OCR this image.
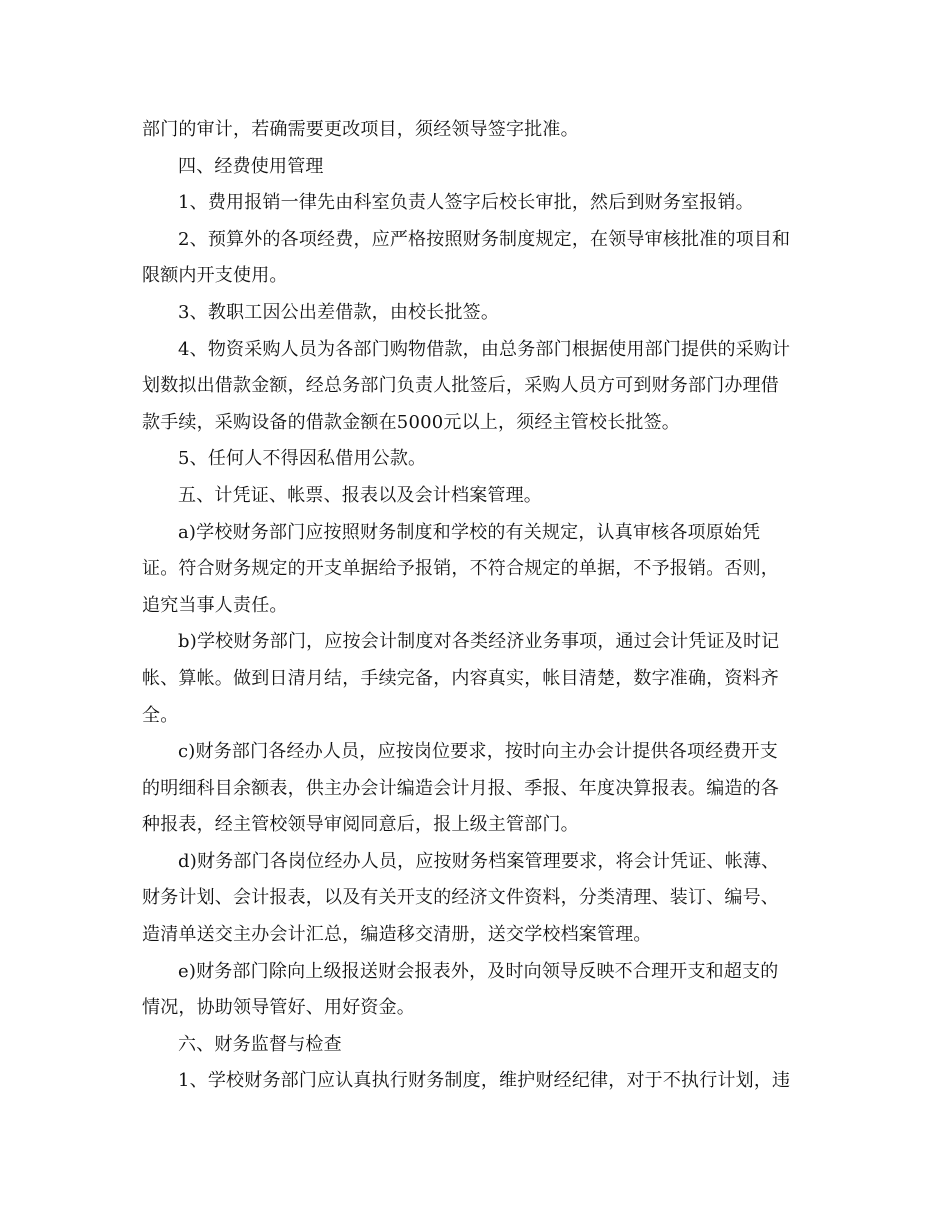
部门的审计，若确需要更改项目，须经领导签字批准。

四、经费使用管理

1、费用报销一律先由科室负责人签字后校长审批，然后到财务室报销。

2、预算外的各项经费，应严格按照财务制度规定，在领导审核批准的项目和
限额内开支使用。

3、教职工因公出差借款，由校长批签。

4、物资采购人员为各部门购物借款，由总务部门根据使用部门提供的采购计
划数拟出借款金额，经总务部门负责人批签后，采购人员方可到财务部门办理借
款手续，采购设备的借款金额在5000元以上，须经主管校长批签。

5、任何人不得因私借用公款。

五、计凭证、帐票、报表以及会计档案管理。

a)学校财务部门应按照财务制度和学校的有关规定，认真审核各项原始凭
证。符合财务规定的开支单据给予报销，不符合规定的单据，不予报销。否则，
追究当事人责任。

b)学校财务部门，应按会计制度对各类经济业务事项，通过会计凭证及时记
帐、算帐。做到日清月结，手续完备，内容真实，帐目清楚，数字准确，资料齐
全。

c)财务部门各经办人员，应按岗位要求，按时向主办会计提供各项经费开支
的明细科目余额表，供主办会计编造会计月报、季报、年度决算报表。编造的各
种报表，经主管校领导审阅同意后，报上级主管部门。

d)财务部门各岗位经办人员，应按财务档案管理要求，将会计凭证、帐薄、
财务计划、会计报表，以及有关开支的经济文件资料，分类清理、装订、编号、
造清单送交主办会计汇总，编造移交清册，送交学校档案管理。

e)财务部门除向上级报送财会报表外，及时向领导反映不合理开支和超支的
情况，协助领导管好、用好资金。

六、财务监督与检查

1、学校财务部门应认真执行财务制度，维护财经纪律，对于不执行计划，违
